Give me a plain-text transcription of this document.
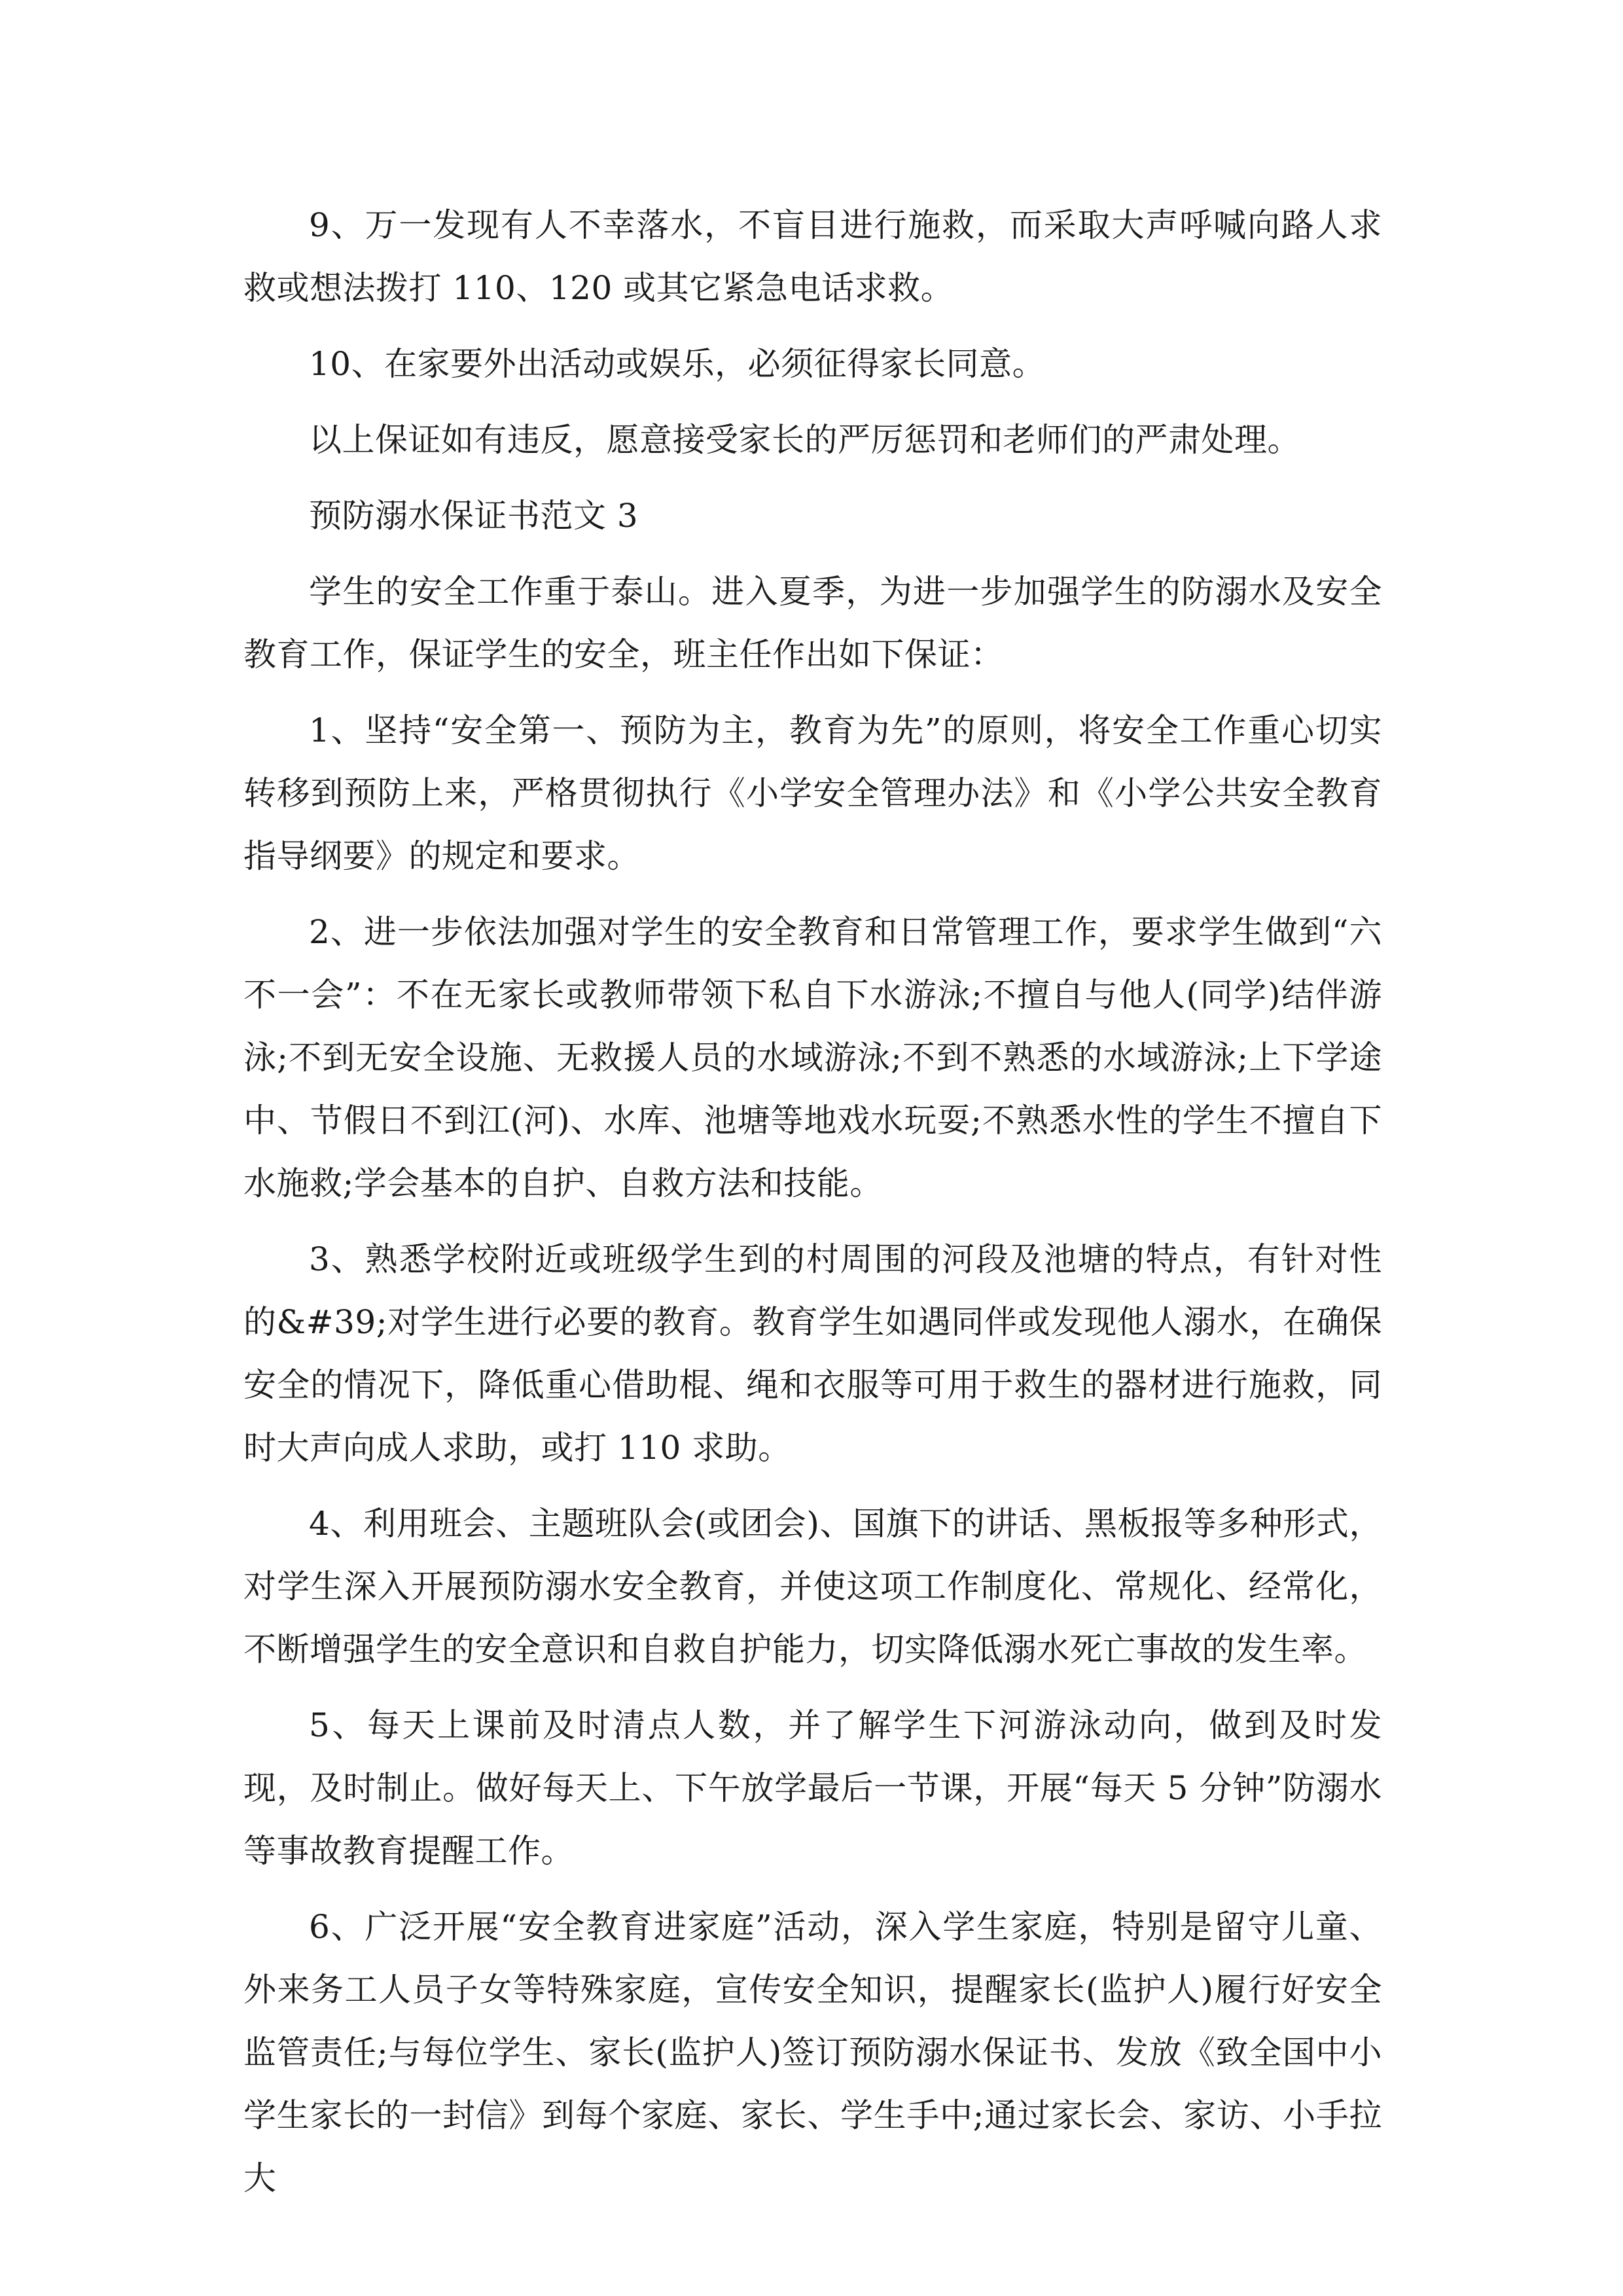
9、万一发现有人不幸落水，不盲目进行施救，而采取大声呼喊向路人求救或想法拨打 110、120 或其它紧急电话求救。

10、在家要外出活动或娱乐，必须征得家长同意。

以上保证如有违反，愿意接受家长的严厉惩罚和老师们的严肃处理。

预防溺水保证书范文 3

学生的安全工作重于泰山。进入夏季，为进一步加强学生的防溺水及安全教育工作，保证学生的安全，班主任作出如下保证：

1、坚持“安全第一、预防为主，教育为先”的原则，将安全工作重心切实转移到预防上来，严格贯彻执行《小学安全管理办法》和《小学公共安全教育指导纲要》的规定和要求。

2、进一步依法加强对学生的安全教育和日常管理工作，要求学生做到“六不一会”：不在无家长或教师带领下私自下水游泳;不擅自与他人(同学)结伴游泳;不到无安全设施、无救援人员的水域游泳;不到不熟悉的水域游泳;上下学途中、节假日不到江(河)、水库、池塘等地戏水玩耍;不熟悉水性的学生不擅自下水施救;学会基本的自护、自救方法和技能。

3、熟悉学校附近或班级学生到的村周围的河段及池塘的特点，有针对性的&#39;对学生进行必要的教育。教育学生如遇同伴或发现他人溺水，在确保安全的情况下，降低重心借助棍、绳和衣服等可用于救生的器材进行施救，同时大声向成人求助，或打 110 求助。

4、利用班会、主题班队会(或团会)、国旗下的讲话、黑板报等多种形式，对学生深入开展预防溺水安全教育，并使这项工作制度化、常规化、经常化，不断增强学生的安全意识和自救自护能力，切实降低溺水死亡事故的发生率。

5、每天上课前及时清点人数，并了解学生下河游泳动向，做到及时发现，及时制止。做好每天上、下午放学最后一节课，开展“每天 5 分钟”防溺水等事故教育提醒工作。

6、广泛开展“安全教育进家庭”活动，深入学生家庭，特别是留守儿童、外来务工人员子女等特殊家庭，宣传安全知识，提醒家长(监护人)履行好安全监管责任;与每位学生、家长(监护人)签订预防溺水保证书、发放《致全国中小学生家长的一封信》到每个家庭、家长、学生手中;通过家长会、家访、小手拉大
